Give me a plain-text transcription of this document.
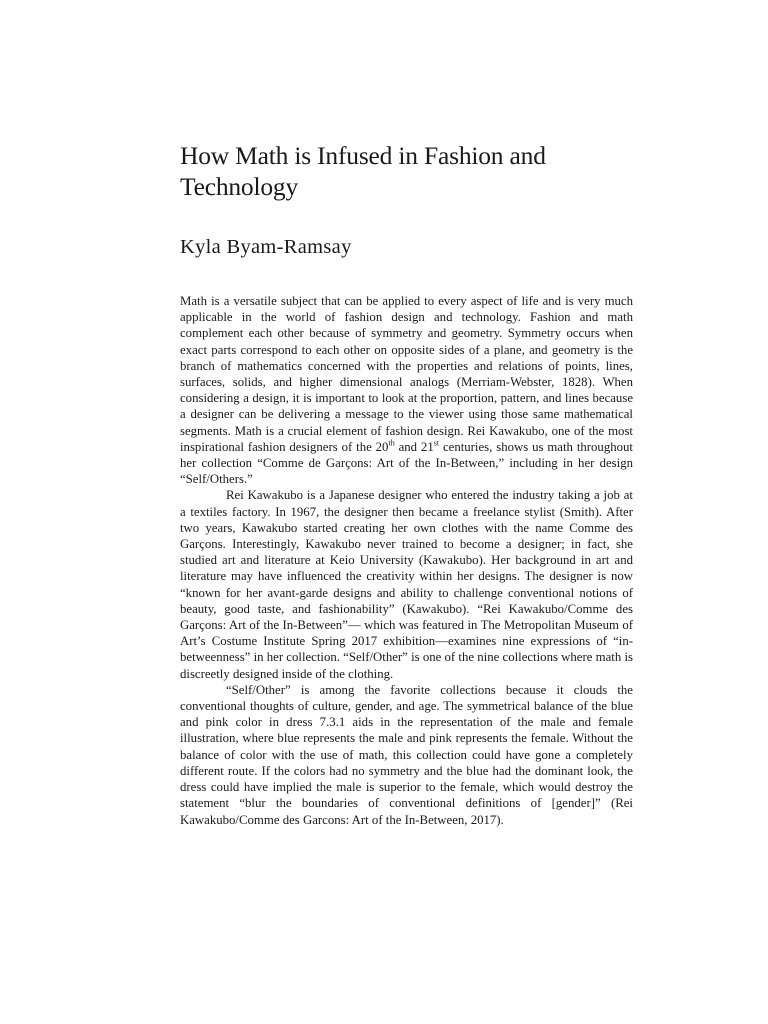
How Math is Infused in Fashion and
Technology
Kyla Byam-Ramsay

Math is a versatile subject that can be applied to every aspect of life and is very much applicable in the world of fashion design and technology. Fashion and math complement each other because of symmetry and geometry. Symmetry occurs when exact parts correspond to each other on opposite sides of a plane, and geometry is the branch of mathematics concerned with the properties and relations of points, lines, surfaces, solids, and higher dimensional analogs (Merriam-Webster, 1828). When considering a design, it is important to look at the proportion, pattern, and lines because a designer can be delivering a message to the viewer using those same mathematical segments. Math is a crucial element of fashion design. Rei Kawakubo, one of the most inspirational fashion designers of the 20th and 21st centuries, shows us math throughout her collection “Comme de Garçons: Art of the In-Between,” including in her design “Self/Others.”

Rei Kawakubo is a Japanese designer who entered the industry taking a job at a textiles factory. In 1967, the designer then became a freelance stylist (Smith). After two years, Kawakubo started creating her own clothes with the name Comme des Garçons. Interestingly, Kawakubo never trained to become a designer; in fact, she studied art and literature at Keio University (Kawakubo). Her background in art and literature may have influenced the creativity within her designs. The designer is now “known for her avant-garde designs and ability to challenge conventional notions of beauty, good taste, and fashionability” (Kawakubo). “Rei Kawakubo/Comme des Garçons: Art of the In-Between”— which was featured in The Metropolitan Museum of Art’s Costume Institute Spring 2017 exhibition—examines nine expressions of “in-betweenness” in her collection. “Self/Other” is one of the nine collections where math is discreetly designed inside of the clothing.

“Self/Other” is among the favorite collections because it clouds the conventional thoughts of culture, gender, and age. The symmetrical balance of the blue and pink color in dress 7.3.1 aids in the representation of the male and female illustration, where blue represents the male and pink represents the female. Without the balance of color with the use of math, this collection could have gone a completely different route. If the colors had no symmetry and the blue had the dominant look, the dress could have implied the male is superior to the female, which would destroy the statement “blur the boundaries of conventional definitions of [gender]” (Rei Kawakubo/Comme des Garcons: Art of the In-Between, 2017).
